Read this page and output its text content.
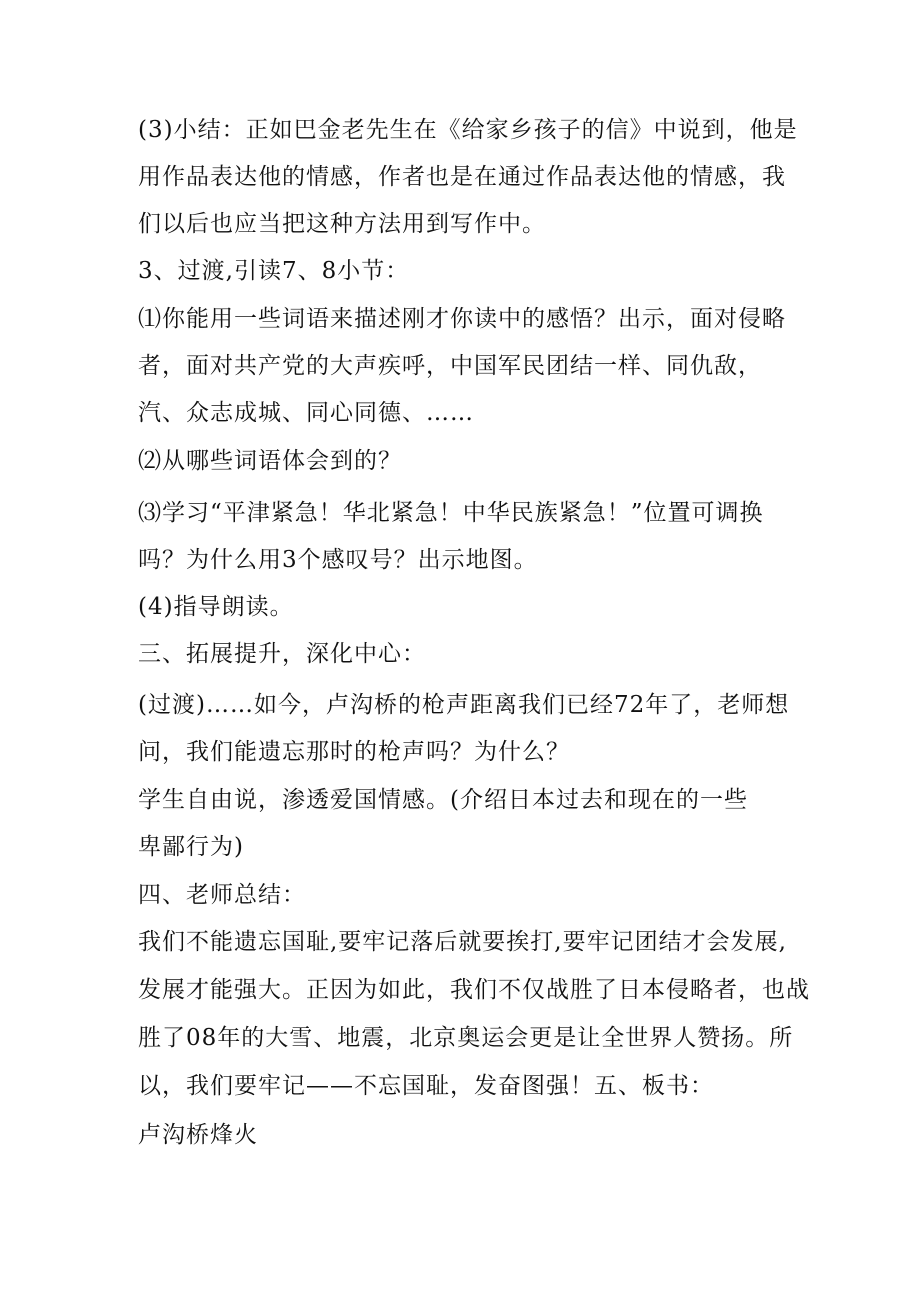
(3)小结：正如巴金老先生在《给家乡孩子的信》中说到，他是

用作品表达他的情感，作者也是在通过作品表达他的情感，我

们以后也应当把这种方法用到写作中。

3、过渡,引读7、8小节：

⑴你能用一些词语来描述刚才你读中的感悟？出示，面对侵略

者，面对共产党的大声疾呼，中国军民团结一样、同仇敌，

汽、众志成城、同心同德、……

⑵从哪些词语体会到的？

⑶学习“平津紧急！华北紧急！中华民族紧急！”位置可调换

吗？为什么用3个感叹号？出示地图。

(4)指导朗读。

三、拓展提升，深化中心：

(过渡)……如今，卢沟桥的枪声距离我们已经72年了，老师想

问，我们能遗忘那时的枪声吗？为什么？

学生自由说，渗透爱国情感。(介绍日本过去和现在的一些

卑鄙行为)

四、老师总结：

我们不能遗忘国耻,要牢记落后就要挨打,要牢记团结才会发展,

发展才能强大。正因为如此，我们不仅战胜了日本侵略者，也战

胜了08年的大雪、地震，北京奥运会更是让全世界人赞扬。所

以，我们要牢记——不忘国耻，发奋图强！五、板书：

卢沟桥烽火
